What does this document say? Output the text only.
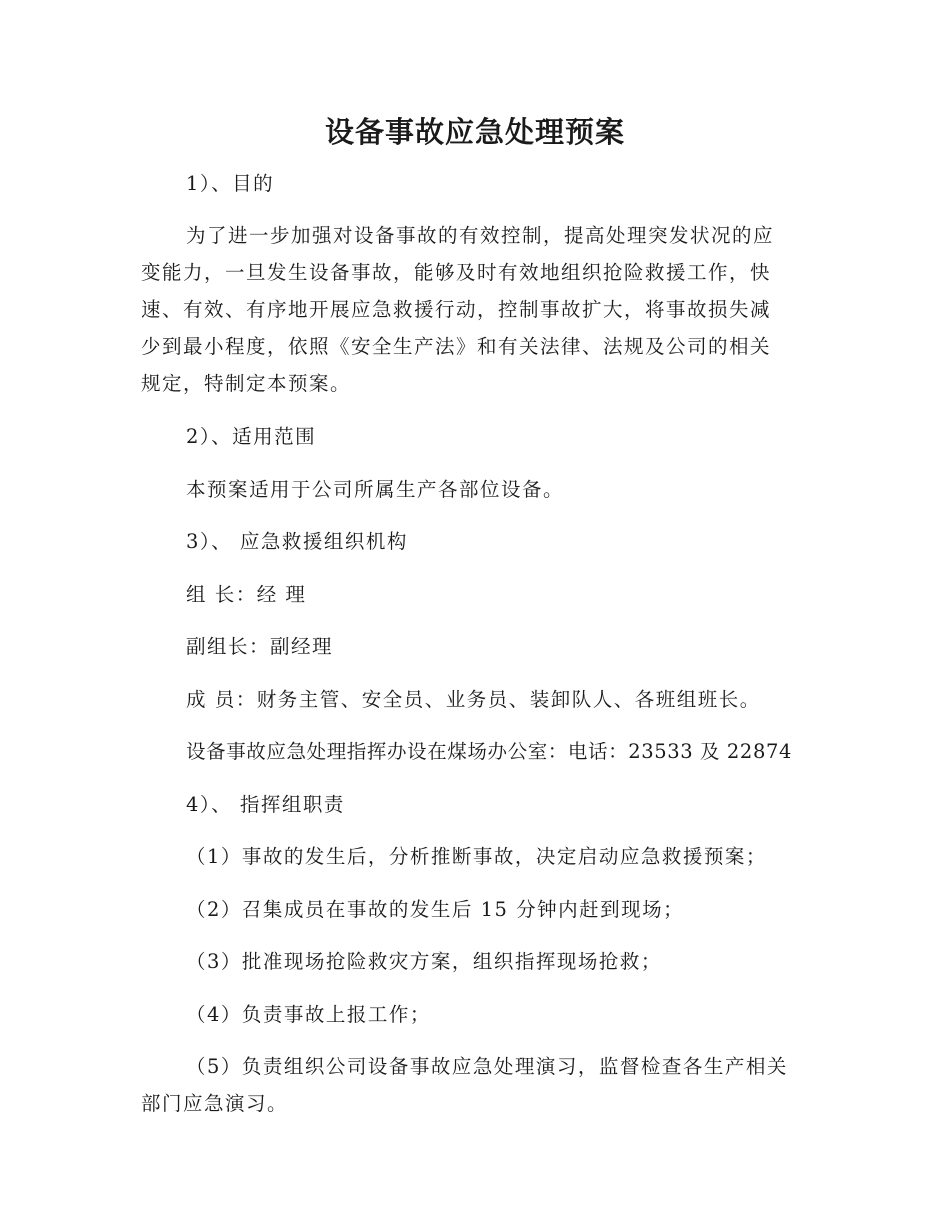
设备事故应急处理预案

1）、目的

为了进一步加强对设备事故的有效控制，提高处理突发状况的应
变能力，一旦发生设备事故，能够及时有效地组织抢险救援工作，快
速、有效、有序地开展应急救援行动，控制事故扩大，将事故损失减
少到最小程度，依照《安全生产法》和有关法律、法规及公司的相关
规定，特制定本预案。

2）、适用范围

本预案适用于公司所属生产各部位设备。

3）、 应急救援组织机构

组 长：经 理

副组长：副经理

成 员：财务主管、安全员、业务员、装卸队人、各班组班长。

设备事故应急处理指挥办设在煤场办公室：电话：23533 及 22874

4）、 指挥组职责

（1）事故的发生后，分析推断事故，决定启动应急救援预案；

（2）召集成员在事故的发生后 15 分钟内赶到现场；

（3）批准现场抢险救灾方案，组织指挥现场抢救；

（4）负责事故上报工作；

（5）负责组织公司设备事故应急处理演习，监督检查各生产相关
部门应急演习。
